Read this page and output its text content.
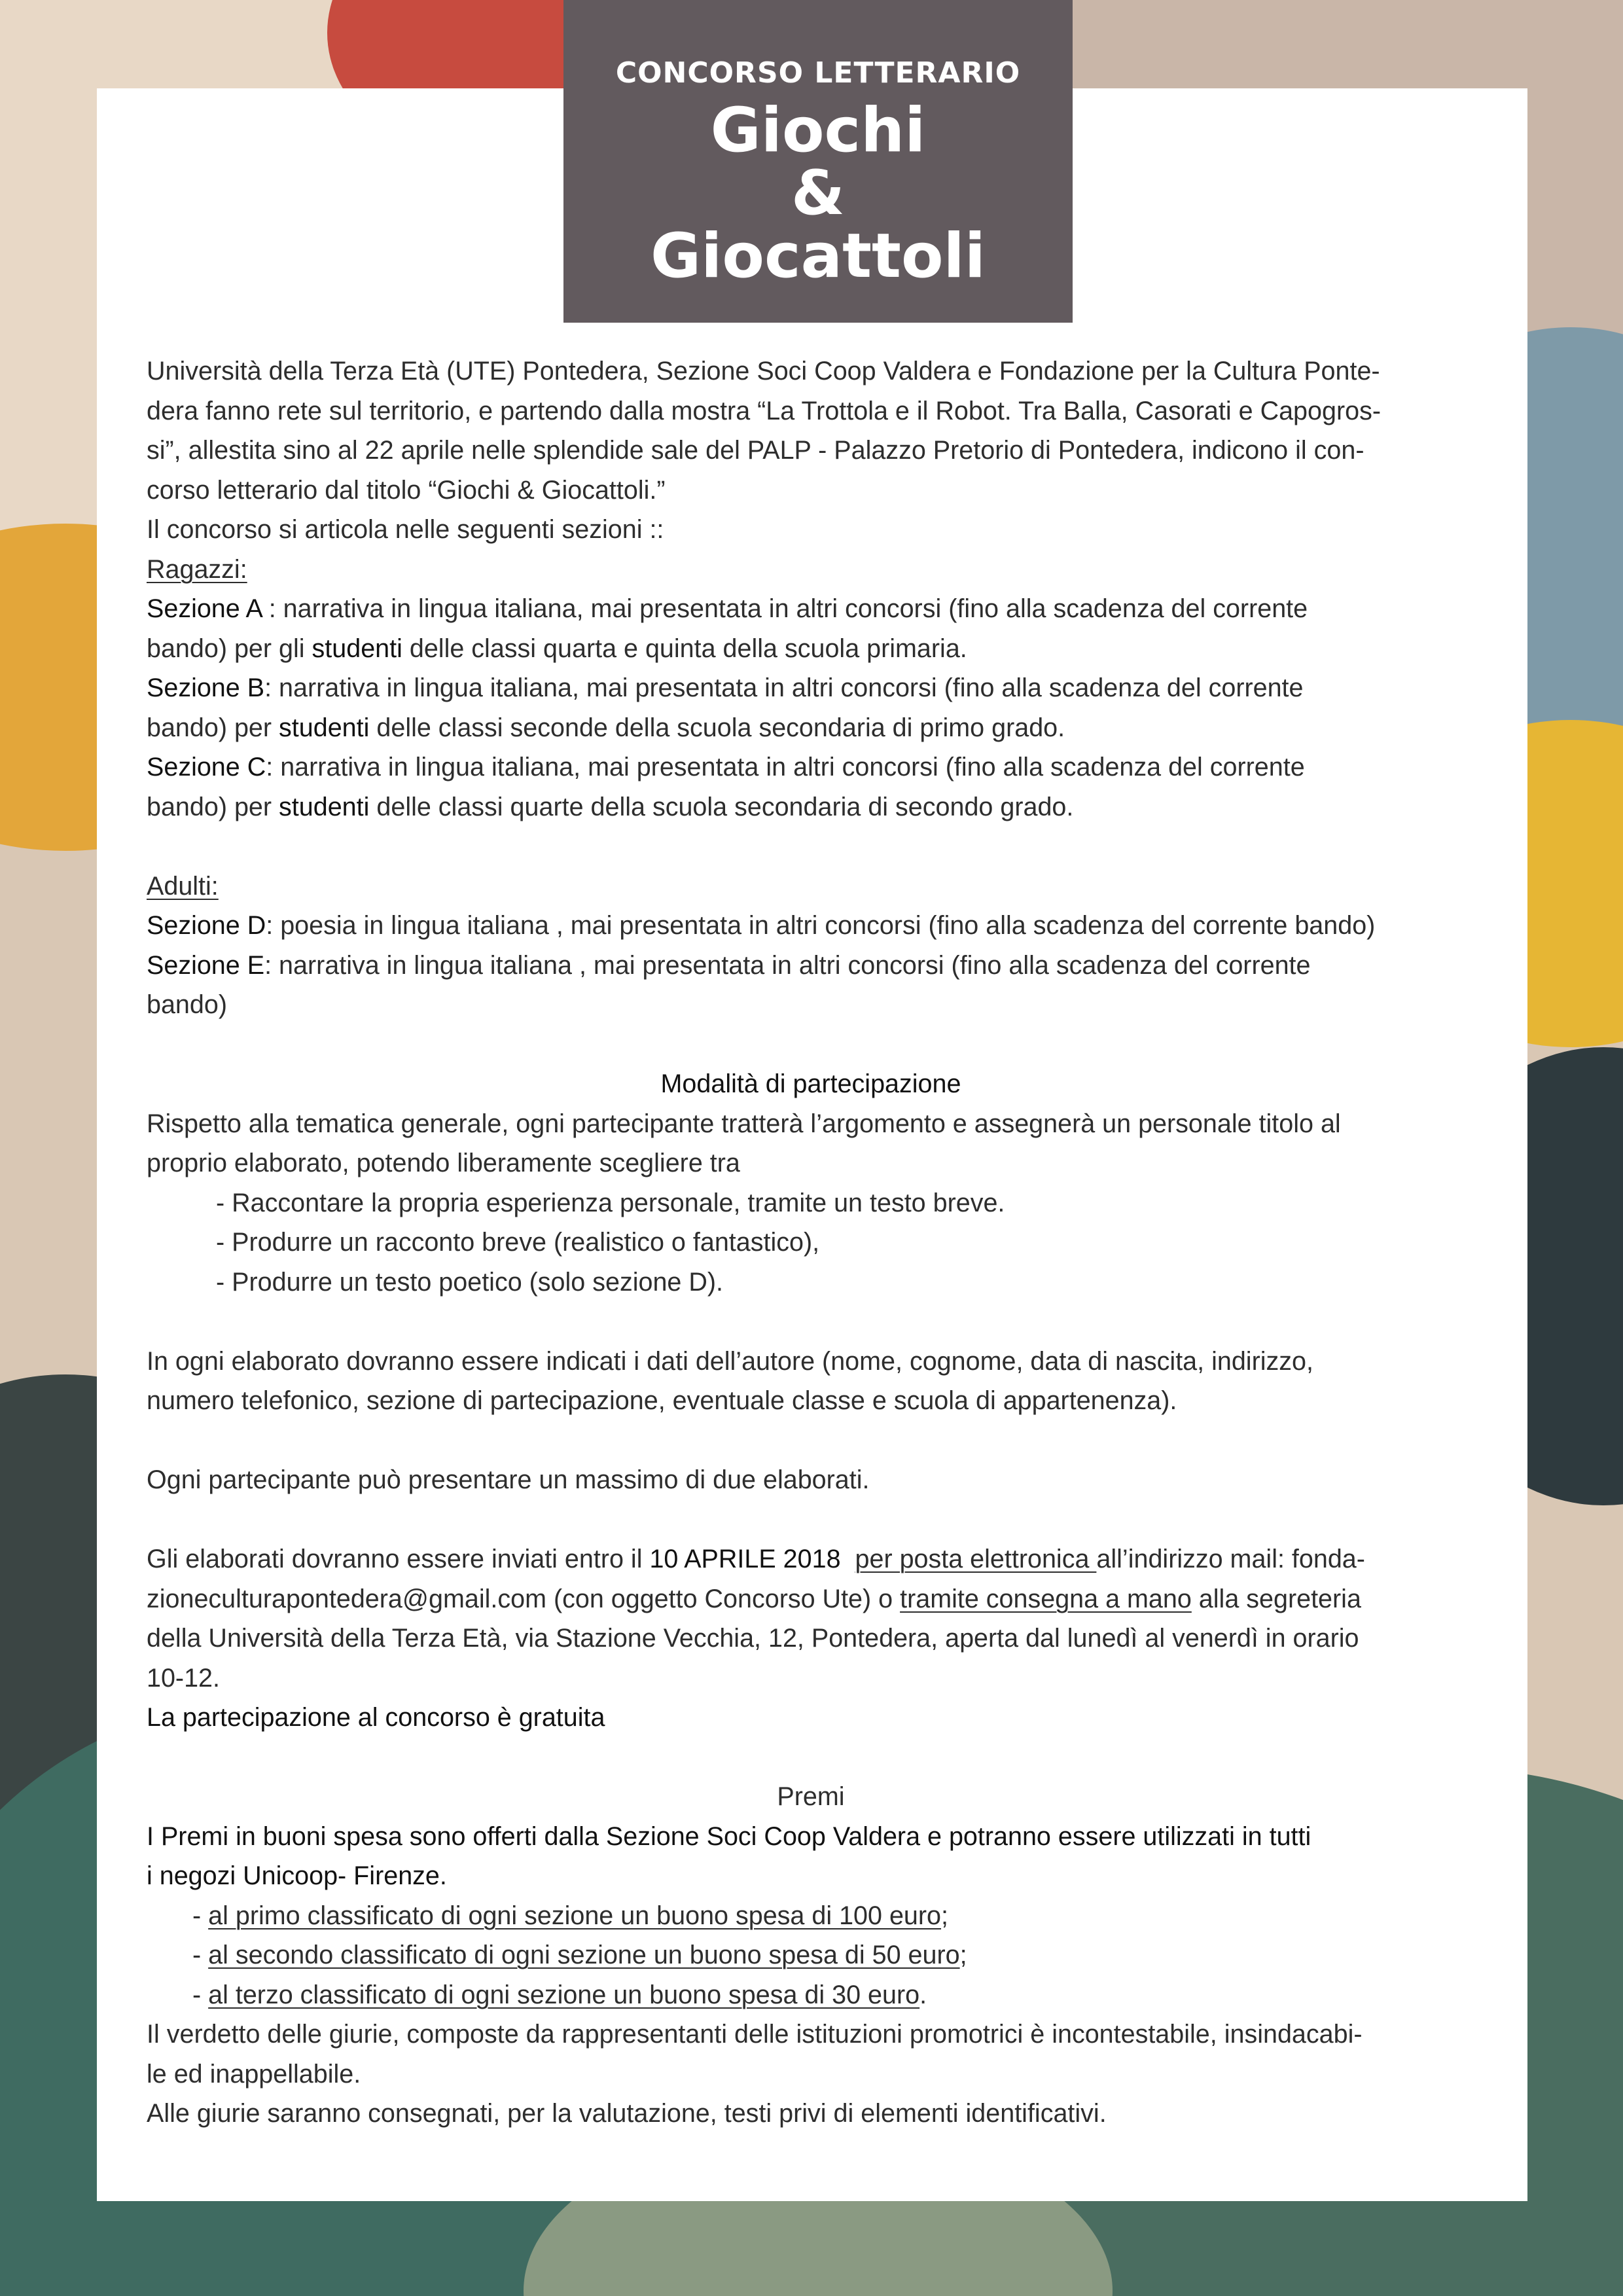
CONCORSO LETTERARIO
Giochi
&
Giocattoli

Università della Terza Età (UTE) Pontedera, Sezione Soci Coop Valdera e Fondazione per la Cultura Ponte-

dera fanno rete sul territorio, e partendo dalla mostra “La Trottola e il Robot. Tra Balla, Casorati e Capogros-

si”, allestita sino al 22 aprile nelle splendide sale del PALP - Palazzo Pretorio di Pontedera, indicono il con-

corso letterario dal titolo “Giochi & Giocattoli.”

Il concorso si articola nelle seguenti sezioni ::

Ragazzi:

Sezione A : narrativa in lingua italiana, mai presentata in altri concorsi (fino alla scadenza del corrente

bando) per gli studenti delle classi quarta e quinta della scuola primaria.

Sezione B: narrativa in lingua italiana, mai presentata in altri concorsi (fino alla scadenza del corrente

bando) per studenti delle classi seconde della scuola secondaria di primo grado.

Sezione C: narrativa in lingua italiana, mai presentata in altri concorsi (fino alla scadenza del corrente

bando) per studenti delle classi quarte della scuola secondaria di secondo grado.

Adulti:

Sezione D: poesia in lingua italiana , mai presentata in altri concorsi (fino alla scadenza del corrente bando)

Sezione E: narrativa in lingua italiana , mai presentata in altri concorsi (fino alla scadenza del corrente

bando)

Modalità di partecipazione

Rispetto alla tematica generale, ogni partecipante tratterà l’argomento e assegnerà un personale titolo al

proprio elaborato, potendo liberamente scegliere tra

- Raccontare la propria esperienza personale, tramite un testo breve.

- Produrre un racconto breve (realistico o fantastico),

- Produrre un testo poetico (solo sezione D).

In ogni elaborato dovranno essere indicati i dati dell’autore (nome, cognome, data di nascita, indirizzo,

numero telefonico, sezione di partecipazione, eventuale classe e scuola di appartenenza).

Ogni partecipante può presentare un massimo di due elaborati.

Gli elaborati dovranno essere inviati entro il 10 APRILE 2018 per posta elettronica all’indirizzo mail: fonda-

zioneculturapontedera@gmail.com (con oggetto Concorso Ute) o tramite consegna a mano alla segreteria

della Università della Terza Età, via Stazione Vecchia, 12, Pontedera, aperta dal lunedì al venerdì in orario

10-12.

La partecipazione al concorso è gratuita

Premi

I Premi in buoni spesa sono offerti dalla Sezione Soci Coop Valdera e potranno essere utilizzati in tutti

i negozi Unicoop- Firenze.

- al primo classificato di ogni sezione un buono spesa di 100 euro;

- al secondo classificato di ogni sezione un buono spesa di 50 euro;

- al terzo classificato di ogni sezione un buono spesa di 30 euro.

Il verdetto delle giurie, composte da rappresentanti delle istituzioni promotrici è incontestabile, insindacabi-

le ed inappellabile.

Alle giurie saranno consegnati, per la valutazione, testi privi di elementi identificativi.
